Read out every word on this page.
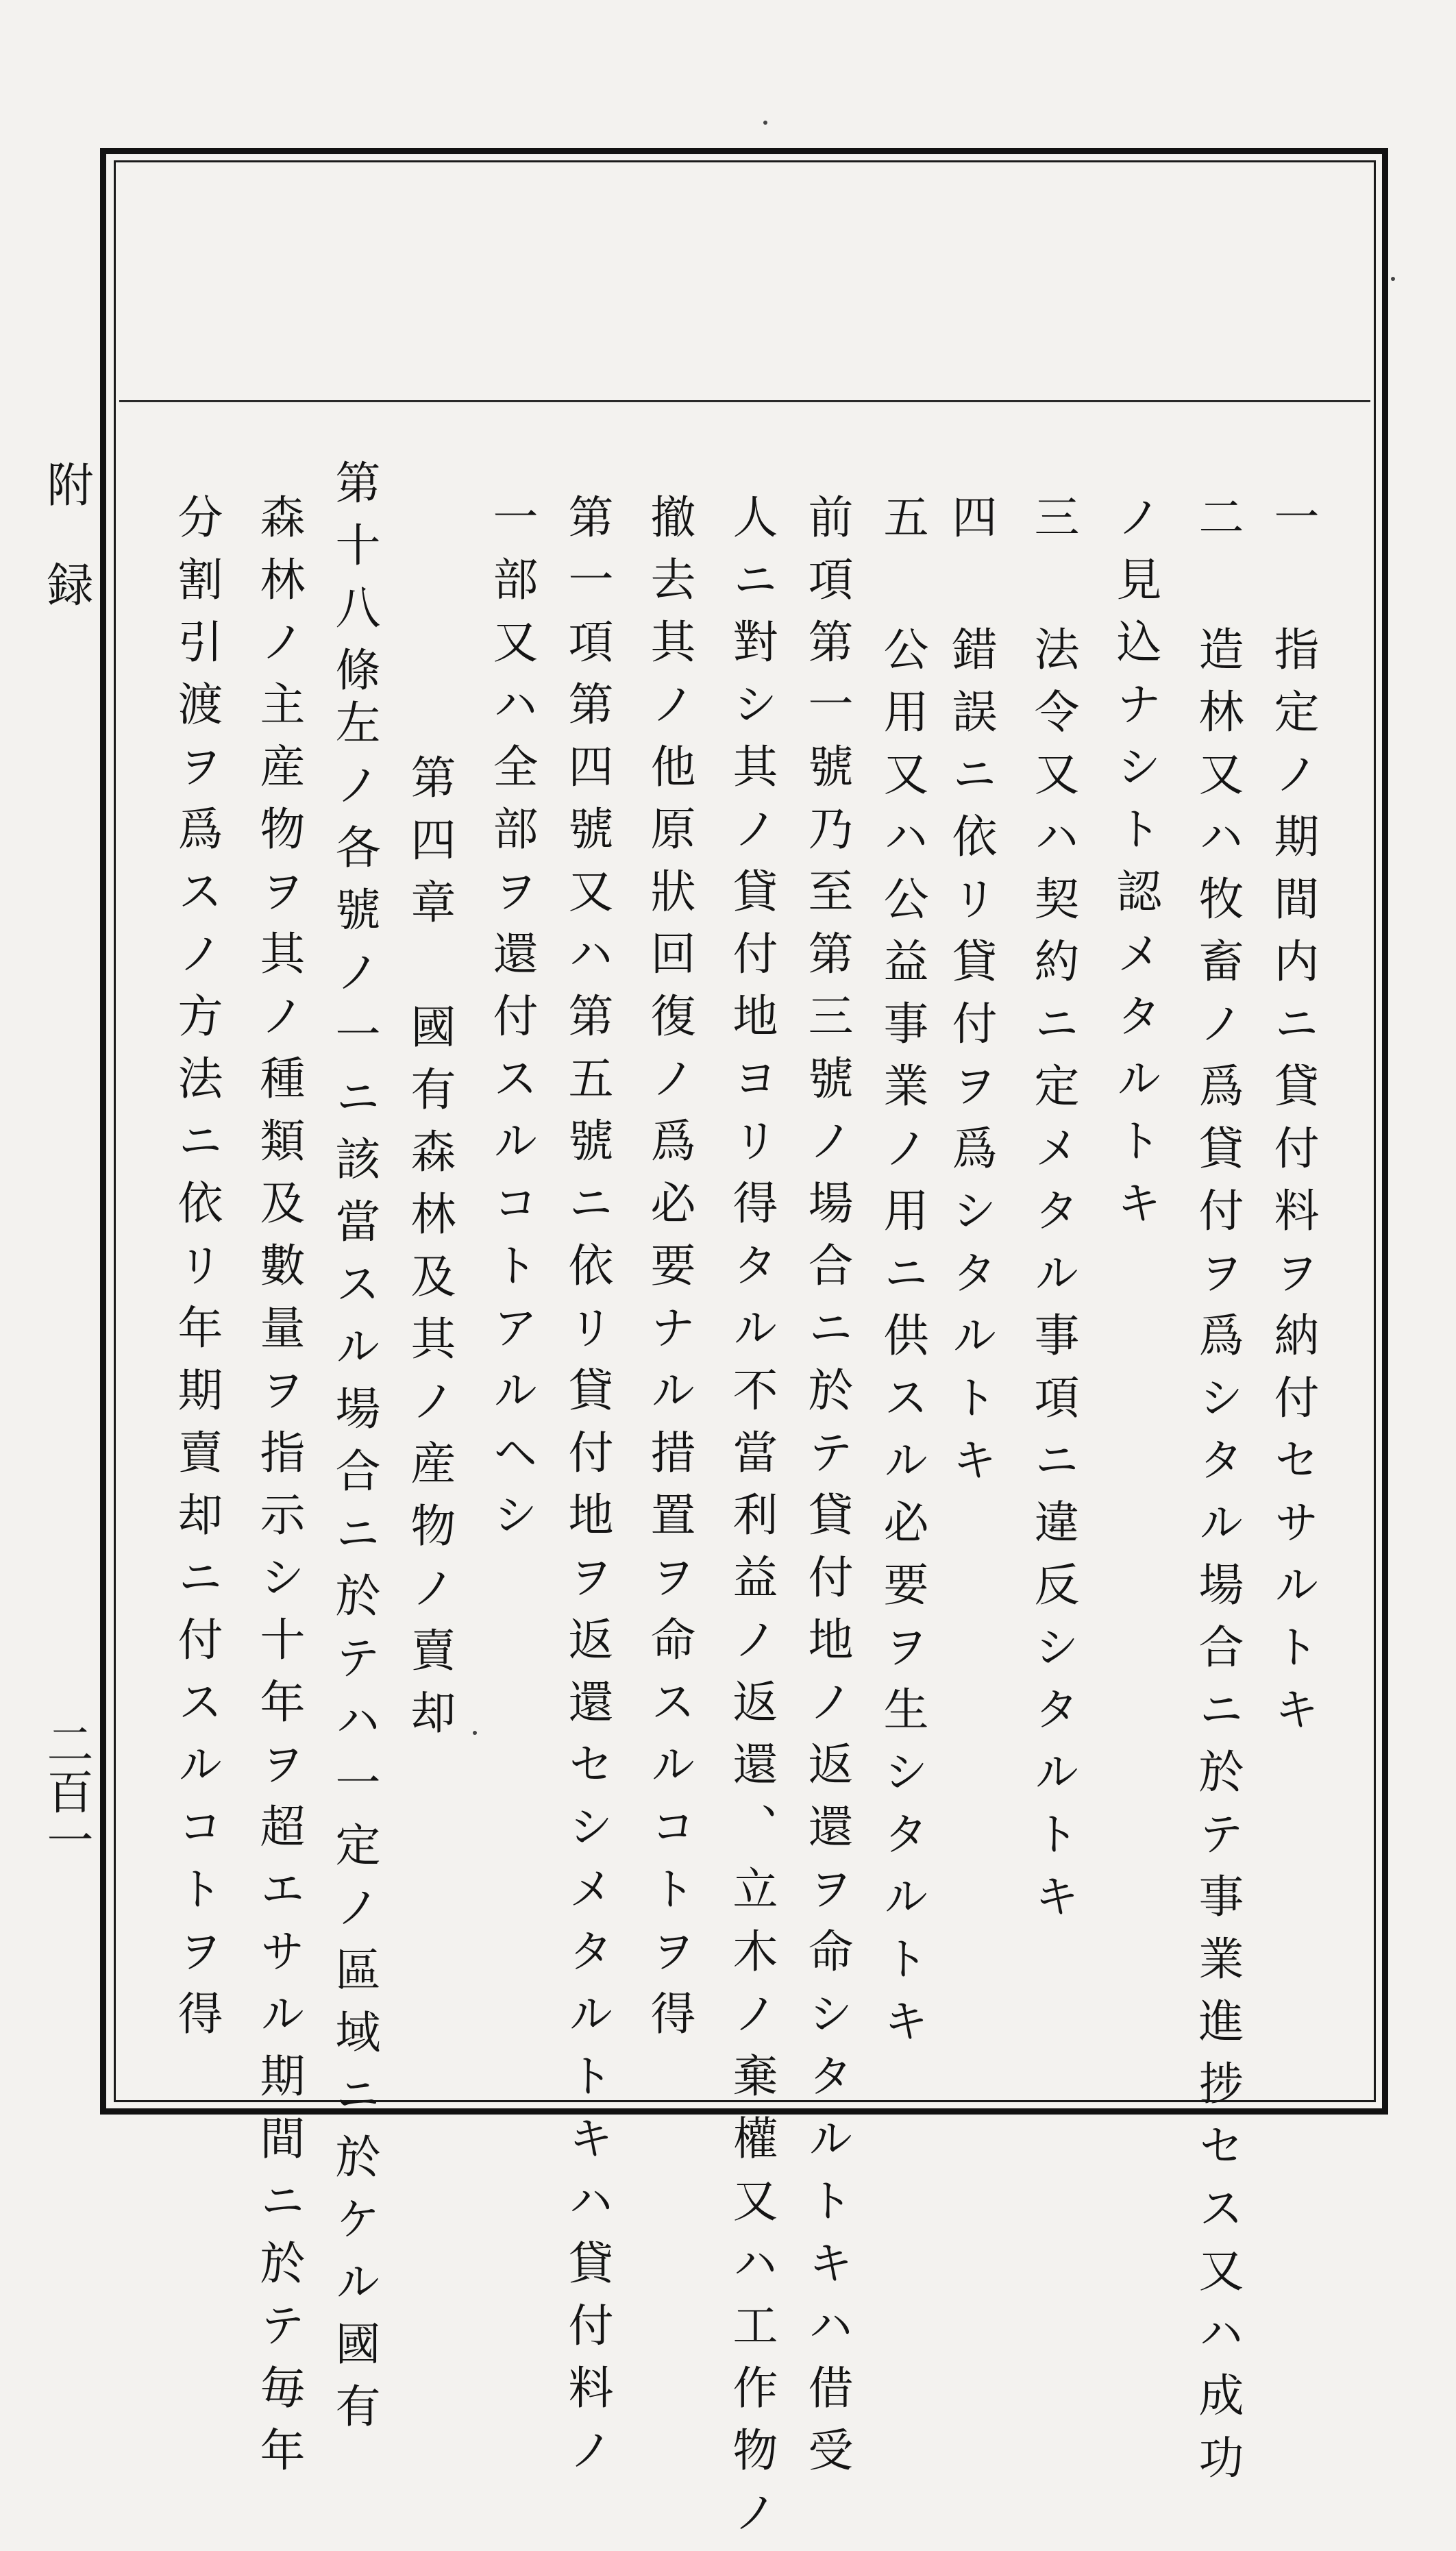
附録
二百一
一 指定ノ期間内ニ貸付料ヲ納付セサルトキ
二 造林又ハ牧畜ノ爲貸付ヲ爲シタル場合ニ於テ事業進捗セス又ハ成功
ノ見込ナシト認メタルトキ
三 法令又ハ契約ニ定メタル事項ニ違反シタルトキ
四 錯誤ニ依リ貸付ヲ爲シタルトキ
五 公用又ハ公益事業ノ用ニ供スル必要ヲ生シタルトキ
前項第一號乃至第三號ノ場合ニ於テ貸付地ノ返還ヲ命シタルトキハ借受
人ニ對シ其ノ貸付地ヨリ得タル不當利益ノ返還、立木ノ棄權又ハ工作物ノ
撤去其ノ他原狀回復ノ爲必要ナル措置ヲ命スルコトヲ得
第一項第四號又ハ第五號ニ依リ貸付地ヲ返還セシメタルトキハ貸付料ノ
一部又ハ全部ヲ還付スルコトアルヘシ
第四章　國有森林及其ノ産物ノ賣却
第十八條
左ノ各號ノ一ニ該當スル場合ニ於テハ一定ノ區域ニ於ケル國有
森林ノ主産物ヲ其ノ種類及數量ヲ指示シ十年ヲ超エサル期間ニ於テ毎年
分割引渡ヲ爲スノ方法ニ依リ年期賣却ニ付スルコトヲ得
